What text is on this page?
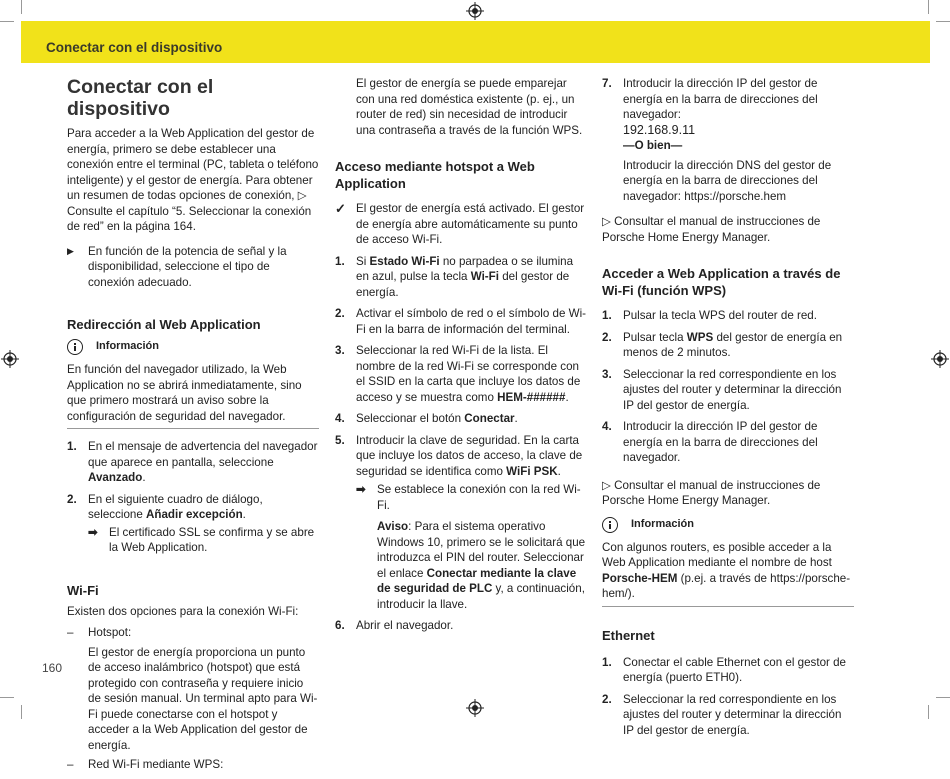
Conectar con el dispositivo
Conectar con el dispositivo

Para acceder a la Web Application del gestor de energía, primero se debe establecer una conexión entre el terminal (PC, tableta o teléfono inteligente) y el gestor de energía. Para obtener un resumen de todas opciones de conexión, ▷ Consulte el capítulo “5. Seleccionar la conexión de red” en la página 164.

▶	En función de la potencia de señal y la disponibilidad, seleccione el tipo de conexión adecuado.
Redirección al Web Application
Información

En función del navegador utilizado, la Web Application no se abrirá inmediatamente, sino que primero mostrará un aviso sobre la configuración de seguridad del navegador.

1. En el mensaje de advertencia del navegador que aparece en pantalla, seleccione Avanzado.
2. En el siguiente cuadro de diálogo, seleccione Añadir excepción.
➡ El certificado SSL se confirma y se abre la Web Application.
Wi-Fi

Existen dos opciones para la conexión Wi-Fi:

–	Hotspot:

El gestor de energía proporciona un punto de acceso inalámbrico (hotspot) que está protegido con contraseña y requiere inicio de sesión manual. Un terminal apto para Wi-Fi puede conectarse con el hotspot y acceder a la Web Application del gestor de energía.

–	Red Wi-Fi mediante WPS:

El gestor de energía se puede emparejar con una red doméstica existente (p. ej., un router de red) sin necesidad de introducir una contraseña a través de la función WPS.

Acceso mediante hotspot a Web Application
✓ El gestor de energía está activado. El gestor de energía abre automáticamente su punto de acceso Wi-Fi.
1. Si Estado Wi-Fi no parpadea o se ilumina en azul, pulse la tecla Wi-Fi del gestor de energía.
2. Activar el símbolo de red o el símbolo de Wi-Fi en la barra de información del terminal.
3. Seleccionar la red Wi-Fi de la lista. El nombre de la red Wi-Fi se corresponde con el SSID en la carta que incluye los datos de acceso y se muestra como HEM-######.
4. Seleccionar el botón Conectar.
5. Introducir la clave de seguridad. En la carta que incluye los datos de acceso, la clave de seguridad se identifica como WiFi PSK.
➡ Se establece la conexión con la red Wi-Fi.

Aviso: Para el sistema operativo Windows 10, primero se le solicitará que introduzca el PIN del router. Seleccionar el enlace Conectar mediante la clave de seguridad de PLC y, a continuación, introducir la llave.

6. Abrir el navegador.
7. Introducir la dirección IP del gestor de energía en la barra de direcciones del navegador:
192.168.9.11
—O bien—

Introducir la dirección DNS del gestor de energía en la barra de direcciones del navegador: https://porsche.hem

▷ Consultar el manual de instrucciones de Porsche Home Energy Manager.

Acceder a Web Application a través de Wi-Fi (función WPS)
1. Pulsar la tecla WPS del router de red.
2. Pulsar tecla WPS del gestor de energía en menos de 2 minutos.
3. Seleccionar la red correspondiente en los ajustes del router y determinar la dirección IP del gestor de energía.
4. Introducir la dirección IP del gestor de energía en la barra de direcciones del navegador.

▷ Consultar el manual de instrucciones de Porsche Home Energy Manager.

Información

Con algunos routers, es posible acceder a la Web Application mediante el nombre de host Porsche-HEM (p.ej. a través de https://porsche-hem/).

Ethernet
1. Conectar el cable Ethernet con el gestor de energía (puerto ETH0).
2. Seleccionar la red correspondiente en los ajustes del router y determinar la dirección IP del gestor de energía.
160
